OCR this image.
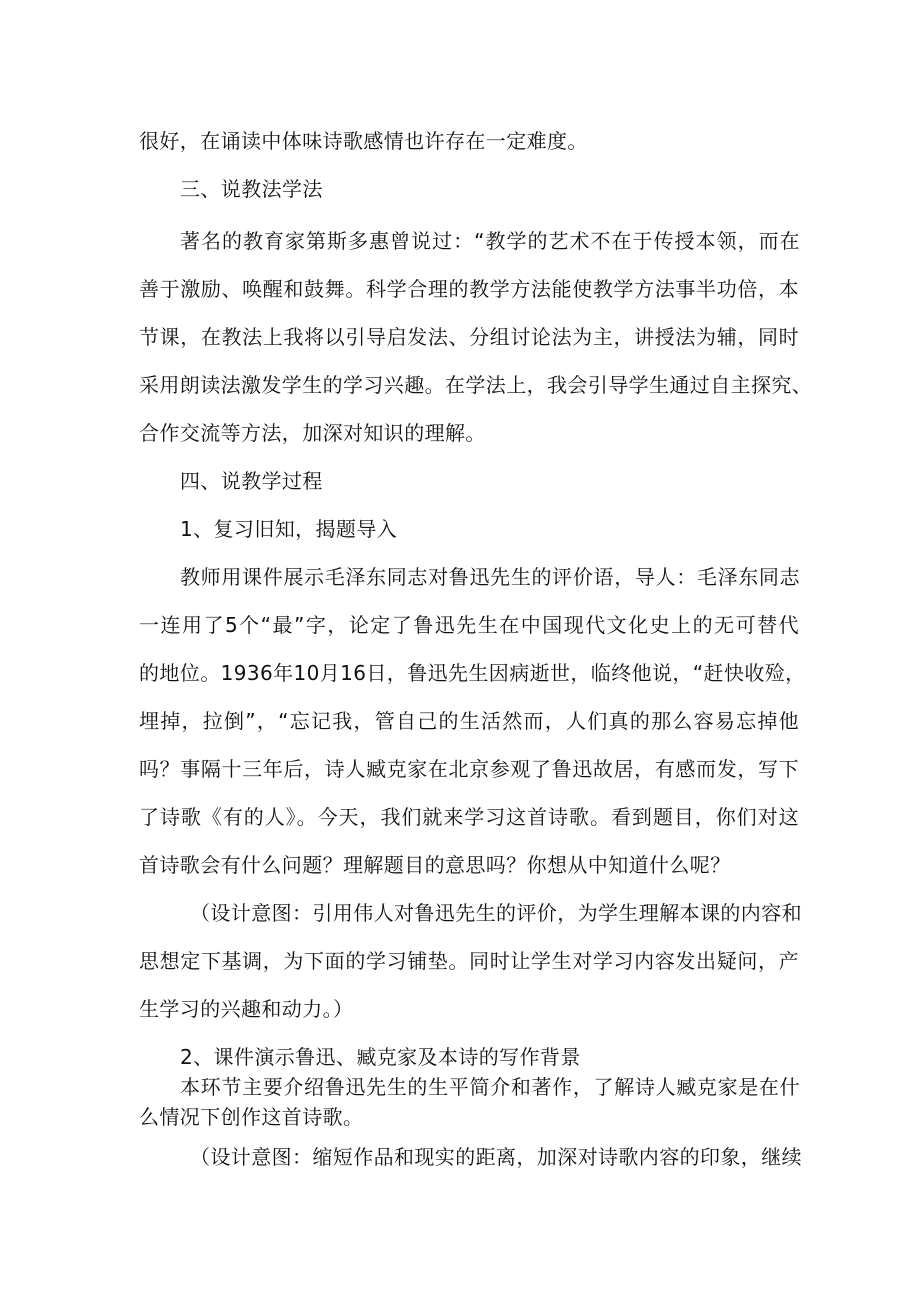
很好，在诵读中体味诗歌感情也许存在一定难度。
三、说教法学法
著名的教育家第斯多惠曾说过：“教学的艺术不在于传授本领，而在
善于激励、唤醒和鼓舞。科学合理的教学方法能使教学方法事半功倍，本
节课，在教法上我将以引导启发法、分组讨论法为主，讲授法为辅，同时
采用朗读法激发学生的学习兴趣。在学法上，我会引导学生通过自主探究、
合作交流等方法，加深对知识的理解。
四、说教学过程
1、复习旧知，揭题导入
教师用课件展示毛泽东同志对鲁迅先生的评价语，导人：毛泽东同志
一连用了5个“最”字，论定了鲁迅先生在中国现代文化史上的无可替代
的地位。1936年10月16日，鲁迅先生因病逝世，临终他说，“赶快收殓，
埋掉，拉倒”，“忘记我，管自己的生活然而，人们真的那么容易忘掉他
吗？事隔十三年后，诗人臧克家在北京参观了鲁迅故居，有感而发，写下
了诗歌《有的人》。今天，我们就来学习这首诗歌。看到题目，你们对这
首诗歌会有什么问题？理解题目的意思吗？你想从中知道什么呢？
（设计意图：引用伟人对鲁迅先生的评价，为学生理解本课的内容和
思想定下基调，为下面的学习铺垫。同时让学生对学习内容发出疑问，产
生学习的兴趣和动力。）
2、课件演示鲁迅、臧克家及本诗的写作背景
本环节主要介绍鲁迅先生的生平简介和著作，了解诗人臧克家是在什
么情况下创作这首诗歌。
（设计意图：缩短作品和现实的距离，加深对诗歌内容的印象，继续
